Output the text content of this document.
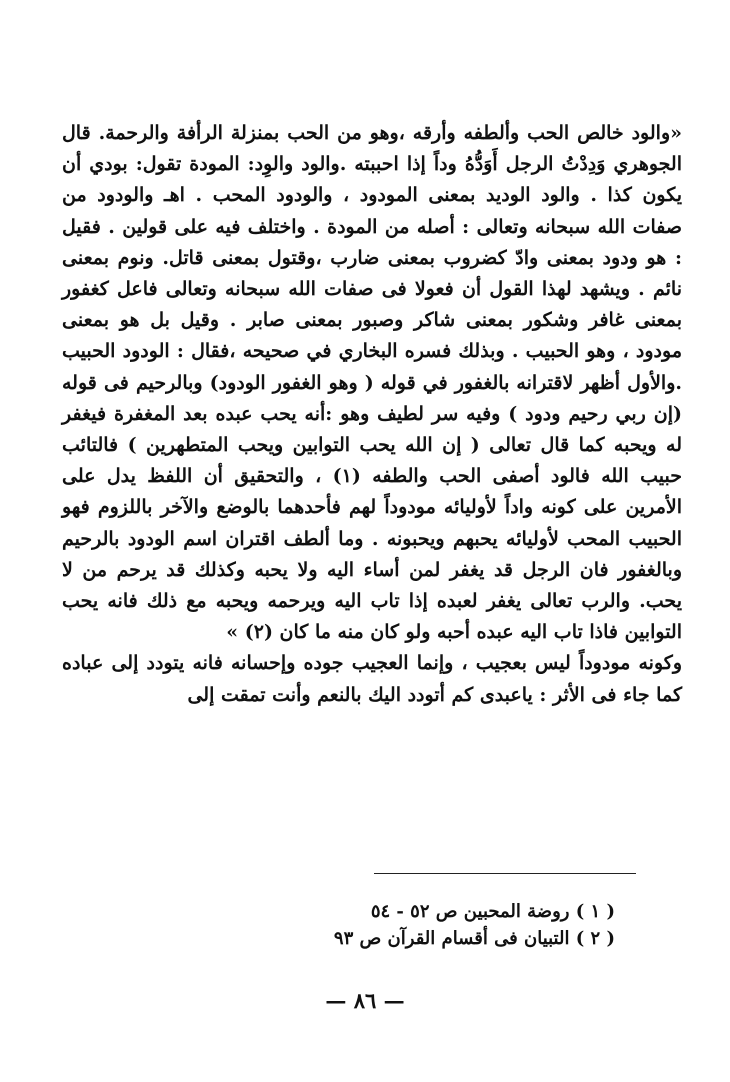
«والود خالص الحب وألطفه وأرقه ،وهو من الحب بمنزلة الرأفة والرحمة. قال الجوهري وَدِدْتُ الرجل أَوَدُّهُ وداً إذا احببته .والود والوِد: المودة تقول: بودي أن يكون كذا . والود الوديد بمعنى المودود ، والودود المحب . اهـ والودود من صفات الله سبحانه وتعالى : أصله من المودة . واختلف فيه على قولين . فقيل : هو ودود بمعنى وادّ كضروب بمعنى ضارب ،وقتول بمعنى قاتل. ونوم بمعنى نائم . ويشهد لهذا القول أن فعولا فى صفات الله سبحانه وتعالى فاعل كغفور بمعنى غافر وشكور بمعنى شاكر وصبور بمعنى صابر . وقيل بل هو بمعنى مودود ، وهو الحبيب . وبذلك فسره البخاري في صحيحه ،فقال : الودود الحبيب .والأول أظهر لاقترانه بالغفور في قوله ( وهو الغفور الودود) وبالرحيم فى قوله (إن ربي رحيم ودود ) وفيه سر لطيف وهو :أنه يحب عبده بعد المغفرة فيغفر له ويحبه كما قال تعالى ( إن الله يحب التوابين ويحب المتطهرين ) فالتائب حبيب الله فالود أصفى الحب والطفه (١) ، والتحقيق أن اللفظ يدل على الأمرين على كونه واداً لأوليائه مودوداً لهم فأحدهما بالوضع والآخر باللزوم فهو الحبيب المحب لأوليائه يحبهم ويحبونه . وما ألطف اقتران اسم الودود بالرحيم وبالغفور فان الرجل قد يغفر لمن أساء اليه ولا يحبه وكذلك قد يرحم من لا يحب. والرب تعالى يغفر لعبده إذا تاب اليه ويرحمه ويحبه مع ذلك فانه يحب التوابين فاذا تاب اليه عبده أحبه ولو كان منه ما كان (٢) »

وكونه مودوداً ليس بعجيب ، وإنما العجيب جوده وإحسانه فانه يتودد إلى عباده كما جاء فى الأثر : ياعبدى كم أتودد اليك بالنعم وأنت تمقت إلى

( ١ ) روضة المحبين ص ٥٢ - ٥٤
( ٢ ) التبيان فى أقسام القرآن ص ٩٣
— ٨٦ —
